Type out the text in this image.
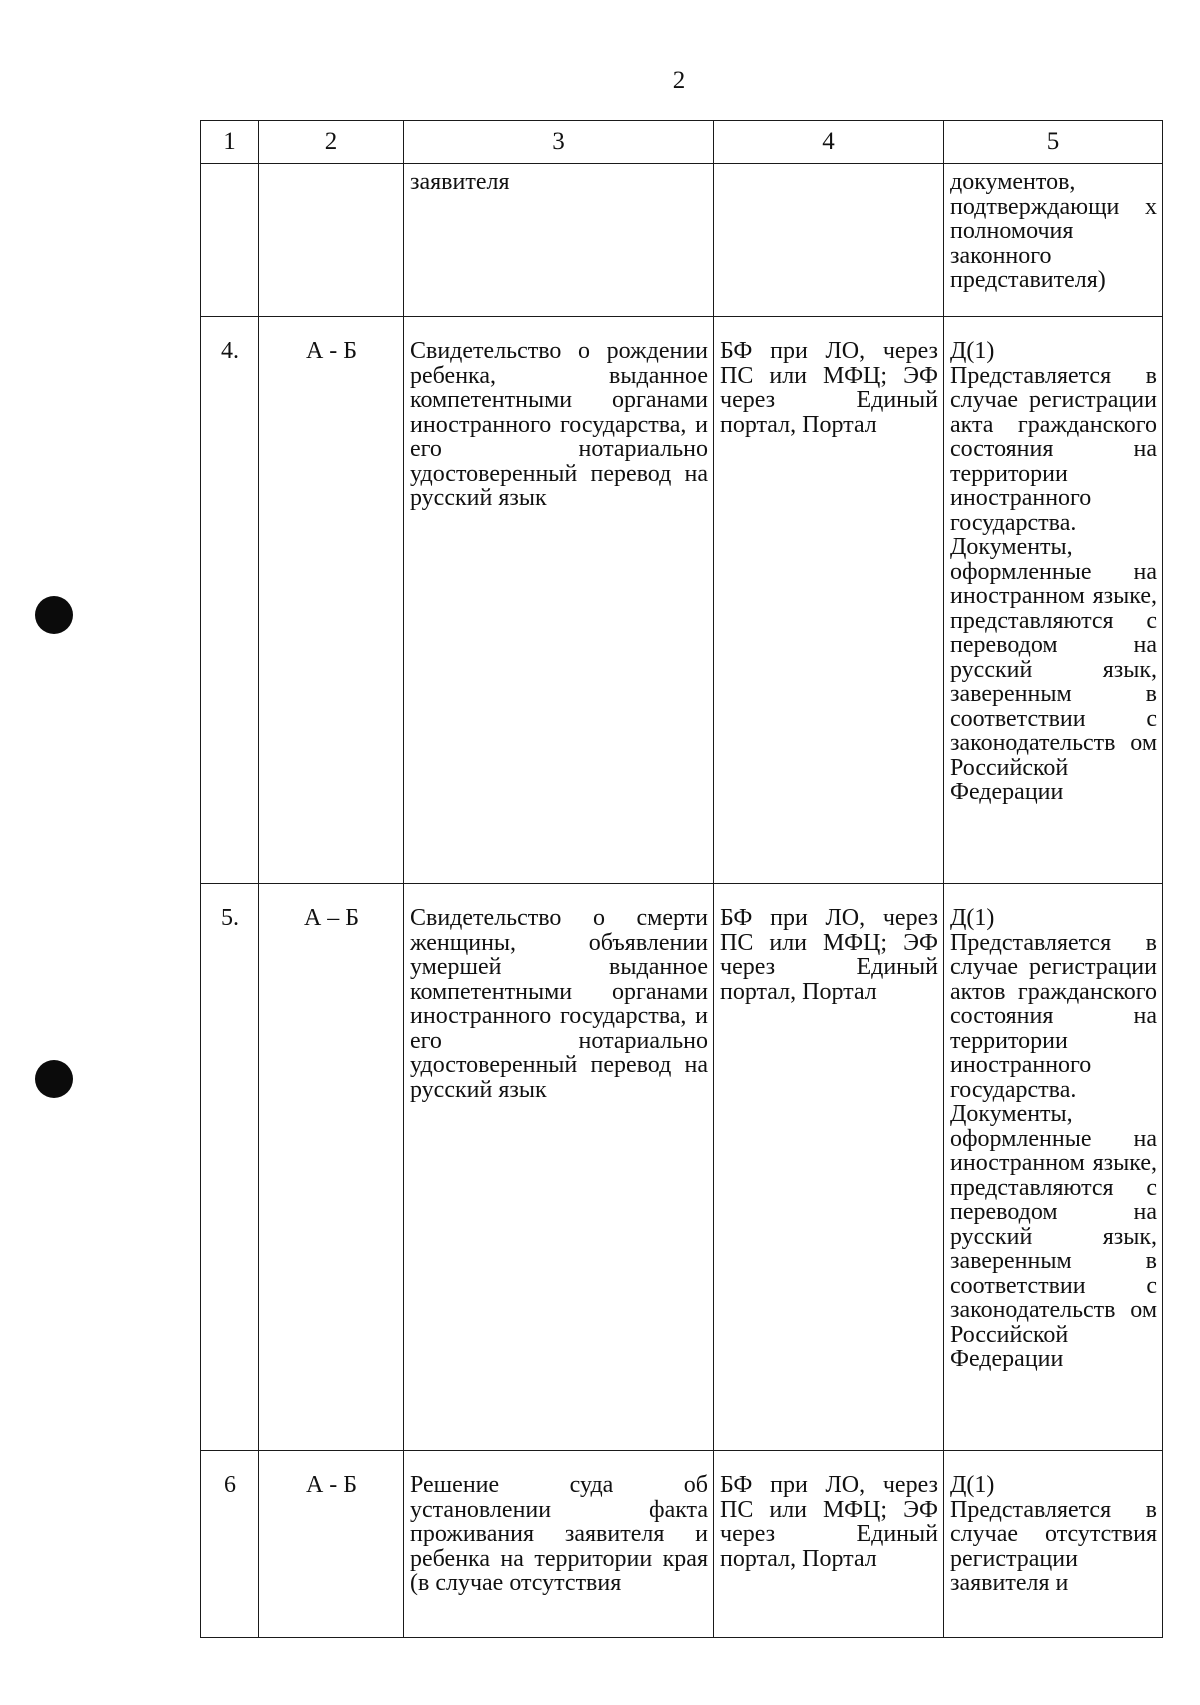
2
1	2	3	4	5
		заявителя		документов, подтверждающи х полномочия законного представителя)
4.	А - Б	Свидетельство о рождении ребенка, выданное компетентными органами иностранного государства, и его нотариально удостоверенный перевод на русский язык	БФ при ЛО, через ПС или МФЦ; ЭФ через Единый портал, Портал	Д(1) Представляется в случае регистрации акта гражданского состояния на территории иностранного государства. Документы, оформленные на иностранном языке, представляются с переводом на русский язык, заверенным в соответствии с законодательств ом Российской Федерации
5.	А – Б	Свидетельство о смерти женщины, объявлении умершей выданное компетентными органами иностранного государства, и его нотариально удостоверенный перевод на русский язык	БФ при ЛО, через ПС или МФЦ; ЭФ через Единый портал, Портал	Д(1) Представляется в случае регистрации актов гражданского состояния на территории иностранного государства. Документы, оформленные на иностранном языке, представляются с переводом на русский язык, заверенным в соответствии с законодательств ом Российской Федерации
6	А - Б	Решение суда об установлении факта проживания заявителя и ребенка на территории края (в случае отсутствия	БФ при ЛО, через ПС или МФЦ; ЭФ через Единый портал, Портал	Д(1) Представляется в случае отсутствия регистрации заявителя и
